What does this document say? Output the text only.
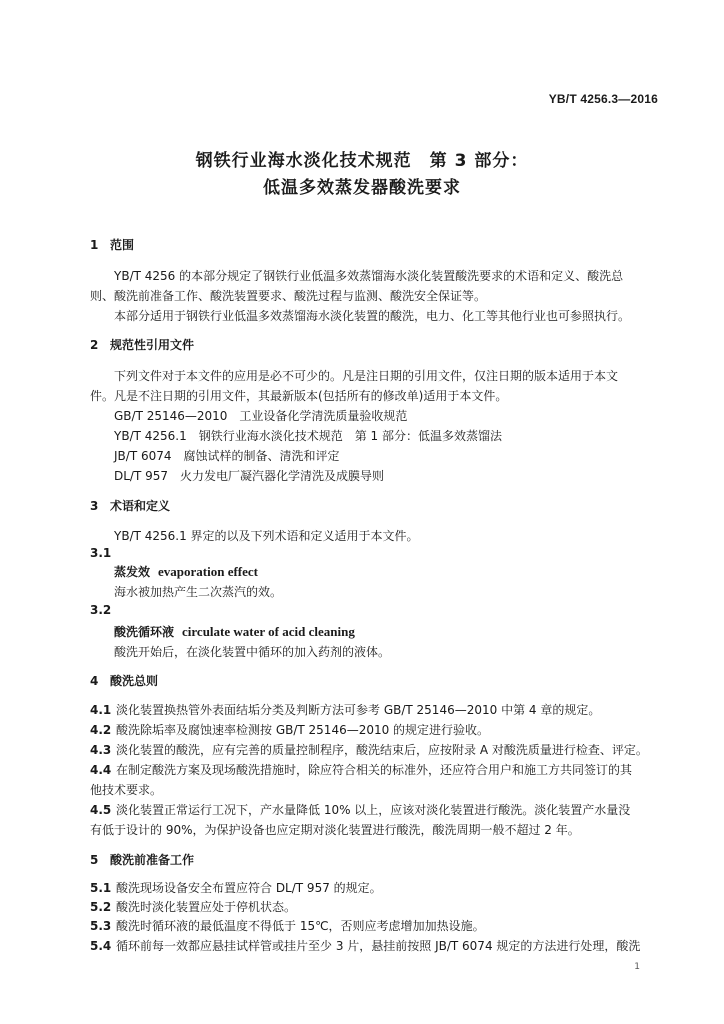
YB/T 4256.3—2016
钢铁行业海水淡化技术规范　第 3 部分：
低温多效蒸发器酸洗要求
1 范围
YB/T 4256 的本部分规定了钢铁行业低温多效蒸馏海水淡化装置酸洗要求的术语和定义、酸洗总
则、酸洗前准备工作、酸洗装置要求、酸洗过程与监测、酸洗安全保证等。
本部分适用于钢铁行业低温多效蒸馏海水淡化装置的酸洗，电力、化工等其他行业也可参照执行。
2 规范性引用文件
下列文件对于本文件的应用是必不可少的。凡是注日期的引用文件，仅注日期的版本适用于本文
件。凡是不注日期的引用文件，其最新版本(包括所有的修改单)适用于本文件。
GB/T 25146—2010　工业设备化学清洗质量验收规范
YB/T 4256.1　钢铁行业海水淡化技术规范　第 1 部分：低温多效蒸馏法
JB/T 6074　腐蚀试样的制备、清洗和评定
DL/T 957　火力发电厂凝汽器化学清洗及成膜导则
3 术语和定义
YB/T 4256.1 界定的以及下列术语和定义适用于本文件。
3.1
蒸发效 evaporation effect
海水被加热产生二次蒸汽的效。
3.2
酸洗循环液 circulate water of acid cleaning
酸洗开始后，在淡化装置中循环的加入药剂的液体。
4 酸洗总则
4.1 淡化装置换热管外表面结垢分类及判断方法可参考 GB/T 25146—2010 中第 4 章的规定。
4.2 酸洗除垢率及腐蚀速率检测按 GB/T 25146—2010 的规定进行验收。
4.3 淡化装置的酸洗，应有完善的质量控制程序，酸洗结束后，应按附录 A 对酸洗质量进行检查、评定。
4.4 在制定酸洗方案及现场酸洗措施时，除应符合相关的标准外，还应符合用户和施工方共同签订的其
他技术要求。
4.5 淡化装置正常运行工况下，产水量降低 10% 以上，应该对淡化装置进行酸洗。淡化装置产水量没
有低于设计的 90%，为保护设备也应定期对淡化装置进行酸洗，酸洗周期一般不超过 2 年。
5 酸洗前准备工作
5.1 酸洗现场设备安全布置应符合 DL/T 957 的规定。
5.2 酸洗时淡化装置应处于停机状态。
5.3 酸洗时循环液的最低温度不得低于 15℃，否则应考虑增加加热设施。
5.4 循环前每一效都应悬挂试样管或挂片至少 3 片，悬挂前按照 JB/T 6074 规定的方法进行处理，酸洗
1
